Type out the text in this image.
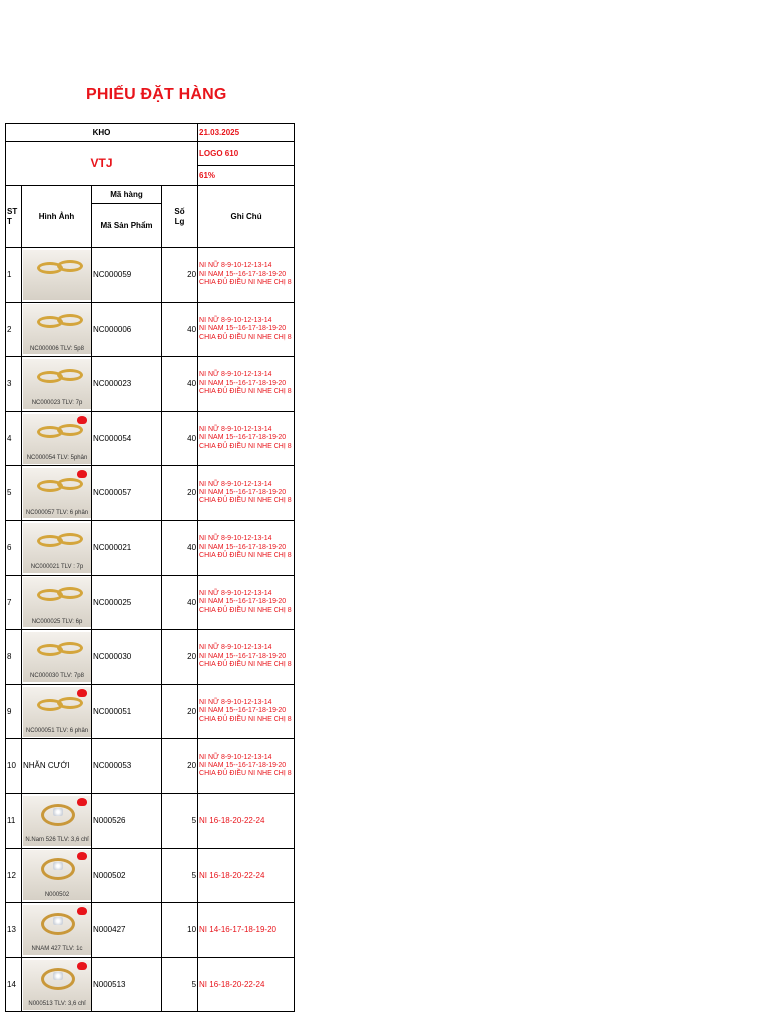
PHIẾU ĐẶT HÀNG
KHO				21.03.2025
VTJ				LOGO 610
				61%
STT	Hình Ảnh	Mã hàng	Số Lg	Ghi Chú
		Mã Sản Phẩm		
1		NC000059	20	NI NỮ 8-9-10-12-13-14
NI NAM 15--16-17-18-19-20
CHIA ĐỦ ĐIỀU NI NHE CHỊ 8

2	NC000006 TLV: 5p8	NC000006	40	NI NỮ 8-9-10-12-13-14
NI NAM 15--16-17-18-19-20
CHIA ĐỦ ĐIỀU NI NHE CHỊ 8

3	NC000023 TLV: 7p	NC000023	40	NI NỮ 8-9-10-12-13-14
NI NAM 15--16-17-18-19-20
CHIA ĐỦ ĐIỀU NI NHE CHỊ 8

4	NC000054 TLV: 5phân	NC000054	40	NI NỮ 8-9-10-12-13-14
NI NAM 15--16-17-18-19-20
CHIA ĐỦ ĐIỀU NI NHE CHỊ 8

5	NC000057 TLV: 6 phân	NC000057	20	NI NỮ 8-9-10-12-13-14
NI NAM 15--16-17-18-19-20
CHIA ĐỦ ĐIỀU NI NHE CHỊ 8

6	NC000021 TLV : 7p	NC000021	40	NI NỮ 8-9-10-12-13-14
NI NAM 15--16-17-18-19-20
CHIA ĐỦ ĐIỀU NI NHE CHỊ 8

7	NC000025 TLV: 6p	NC000025	40	NI NỮ 8-9-10-12-13-14
NI NAM 15--16-17-18-19-20
CHIA ĐỦ ĐIỀU NI NHE CHỊ 8

8	NC000030 TLV: 7p8	NC000030	20	NI NỮ 8-9-10-12-13-14
NI NAM 15--16-17-18-19-20
CHIA ĐỦ ĐIỀU NI NHE CHỊ 8

9	NC000051 TLV: 6 phân	NC000051	20	NI NỮ 8-9-10-12-13-14
NI NAM 15--16-17-18-19-20
CHIA ĐỦ ĐIỀU NI NHE CHỊ 8

10	NHẪN CƯỚI	NC000053	20	NI NỮ 8-9-10-12-13-14
NI NAM 15--16-17-18-19-20
CHIA ĐỦ ĐIỀU NI NHE CHỊ 8

11	N.Nam 526 TLV: 3,6 chỉ	N000526	5	NI 16-18-20-22-24
12	N000502	N000502	5	NI 16-18-20-22-24
13	NNAM 427 TLV: 1c	N000427	10	NI 14-16-17-18-19-20
14	N000513 TLV: 3,6 chỉ	N000513	5	NI 16-18-20-22-24
